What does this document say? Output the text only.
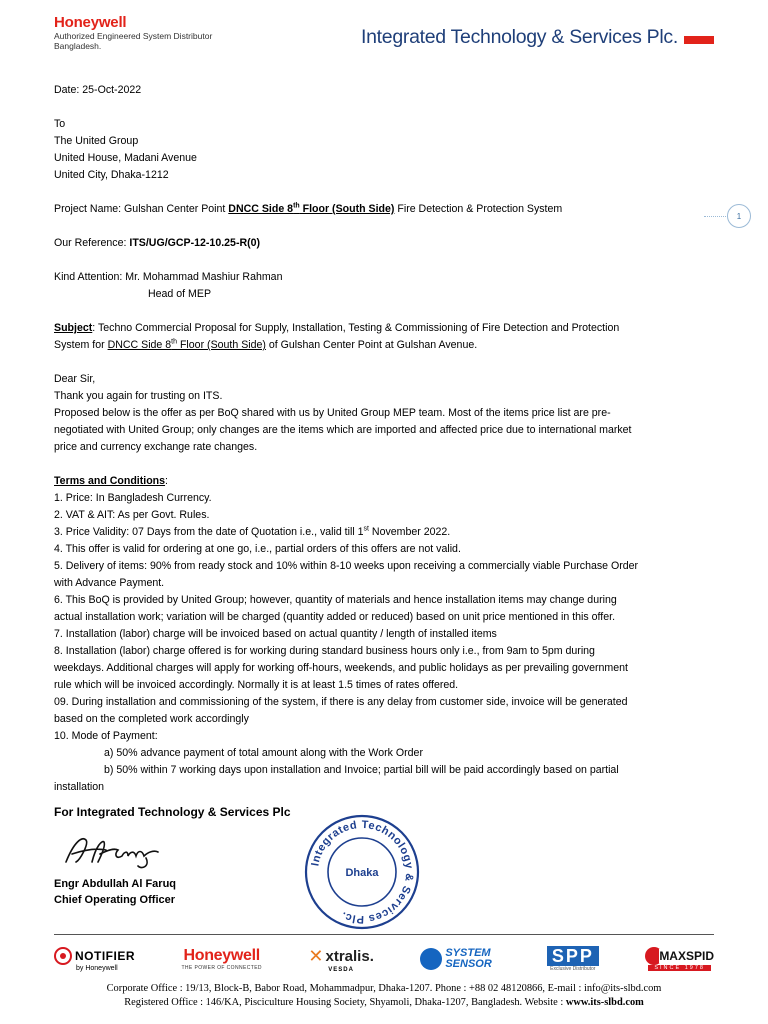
Honeywell
Authorized Engineered System Distributor
Bangladesh.	Integrated Technology & Services Plc.
1
Date: 25-Oct-2022
To
The United Group
United House, Madani Avenue
United City, Dhaka-1212
Project Name: Gulshan Center Point DNCC Side 8th Floor (South Side) Fire Detection & Protection System
Our Reference: ITS/UG/GCP-12-10.25-R(0)
Kind Attention: Mr. Mohammad Mashiur Rahman
Head of MEP
Subject: Techno Commercial Proposal for Supply, Installation, Testing & Commissioning of Fire Detection and Protection
System for DNCC Side 8th Floor (South Side) of Gulshan Center Point at Gulshan Avenue.
Dear Sir,
Thank you again for trusting on ITS.
Proposed below is the offer as per BoQ shared with us by United Group MEP team. Most of the items price list are pre-
negotiated with United Group; only changes are the items which are imported and affected price due to international market
price and currency exchange rate changes.
Terms and Conditions:
1. Price: In Bangladesh Currency.
2. VAT & AIT: As per Govt. Rules.
3. Price Validity: 07 Days from the date of Quotation i.e., valid till 1st November 2022.
4. This offer is valid for ordering at one go, i.e., partial orders of this offers are not valid.
5. Delivery of items: 90% from ready stock and 10% within 8-10 weeks upon receiving a commercially viable Purchase Order
with Advance Payment.
6. This BoQ is provided by United Group; however, quantity of materials and hence installation items may change during
actual installation work; variation will be charged (quantity added or reduced) based on unit price mentioned in this offer.
7. Installation (labor) charge will be invoiced based on actual quantity / length of installed items
8. Installation (labor) charge offered is for working during standard business hours only i.e., from 9am to 5pm during
weekdays. Additional charges will apply for working off-hours, weekends, and public holidays as per prevailing government
rule which will be invoiced accordingly. Normally it is at least 1.5 times of rates offered.
09. During installation and commissioning of the system, if there is any delay from customer side, invoice will be generated
based on the completed work accordingly
10. Mode of Payment:
a) 50% advance payment of total amount along with the Work Order
b) 50% within 7 working days upon installation and Invoice; partial bill will be paid accordingly based on partial
installation
For Integrated Technology & Services Plc
Engr Abdullah Al Faruq
Chief Operating Officer
Integrated Technology & Services Plc.
Dhaka
NOTIFIER
by Honeywell
Honeywell
THE POWER OF CONNECTED
✕ xtralis.
VESDA
SYSTEM SENSOR	SPP
Exclusive Distributor
MAXSPID
SINCE 1978
Corporate Office : 19/13, Block-B, Babor Road, Mohammadpur, Dhaka-1207. Phone : +88 02 48120866, E-mail : info@its-slbd.com
Registered Office : 146/KA, Pisciculture Housing Society, Shyamoli, Dhaka-1207, Bangladesh. Website : www.its-slbd.com
